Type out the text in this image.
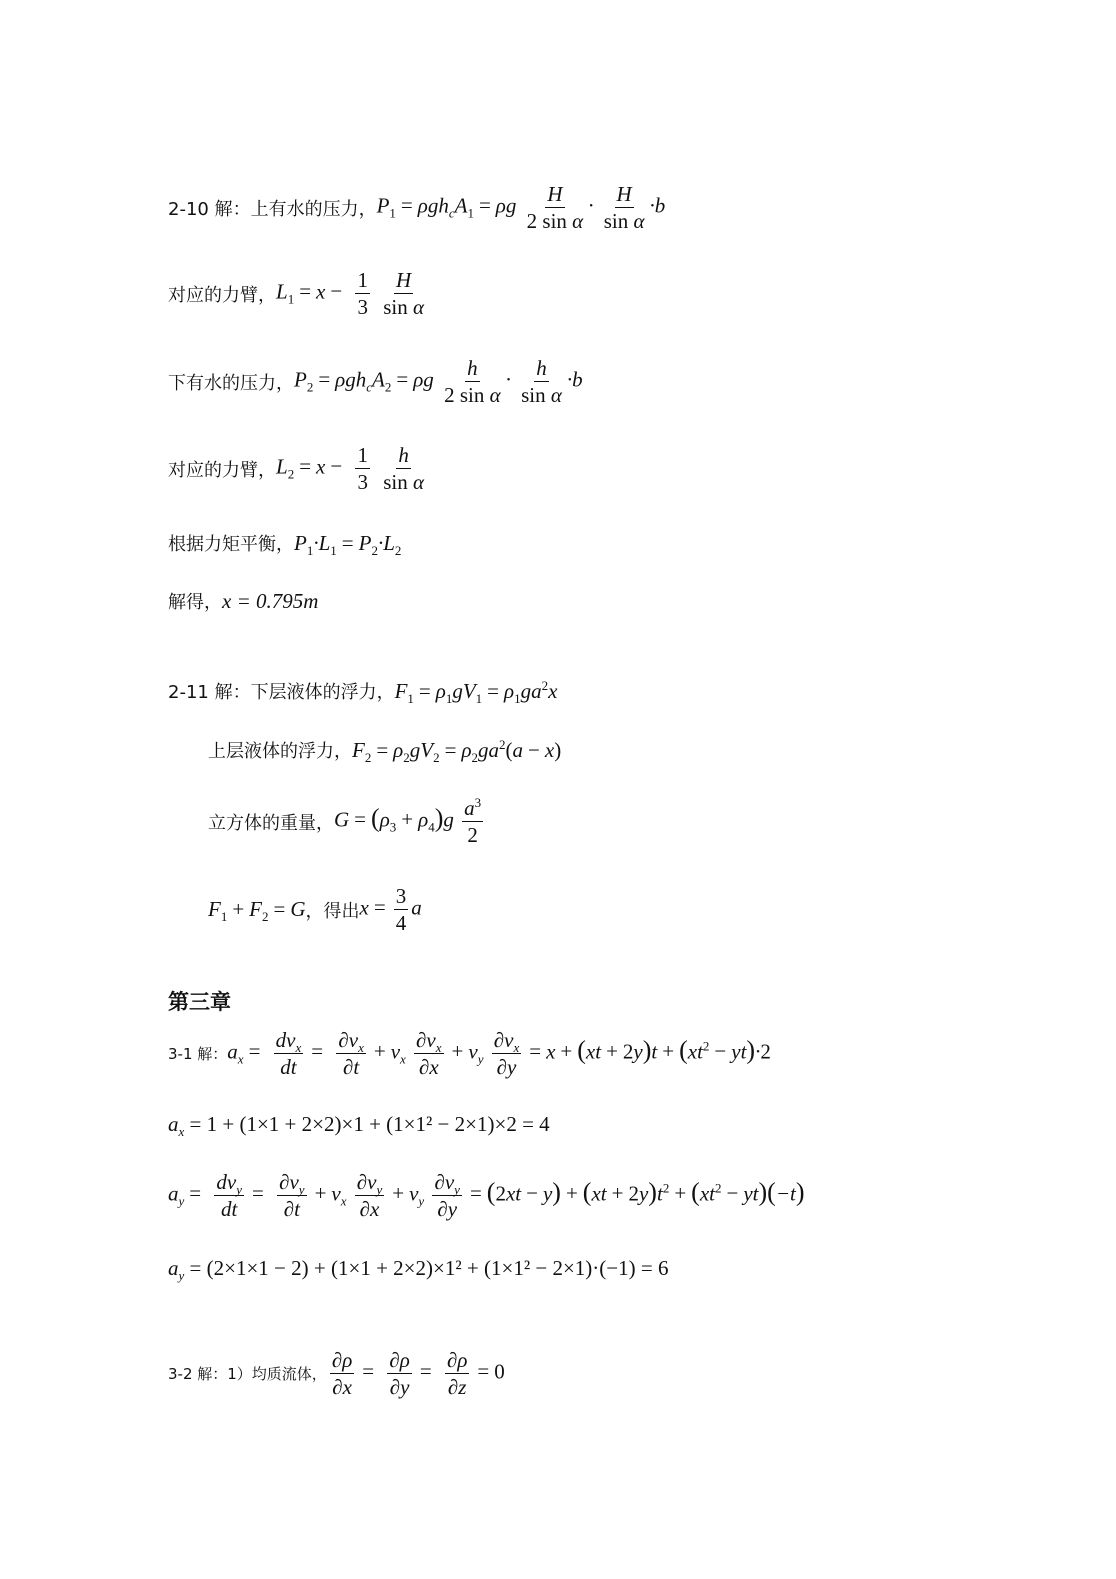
2-10 解： 上有水的压力， $P_1 = \rho gh_cA_1 = \rho g \frac{H}{\text{2 sin α}} \cdot \frac{H}{\text{sin α}} \cdot b$
对应的力臂， $L_1 = x - \frac{1}{3}$
$\frac{H}{\text{sin α}}$
下有水的压力， $P_2 = \rho gh_cA_2 = \rho g \frac{h}{\text{2 sin α}} \cdot \frac{h}{\text{sin α}} \cdot b$
对应的力臂， $L_2 = x - \frac{1}{3}$
$\frac{h}{\text{sin α}}$
根据力矩平衡， $P_1\cdot L_1 = P_2\cdot L_2$
解得， x = 0.795m
2-11 解： 下层液体的浮力， $F_1 = \rho_1gV_1 = \rho_1ga^2x$
上层液体的浮力， $F_2 = \rho_2gV_2 = \rho_2ga^2(a - x)$
立方体的重量， $G = (\rho_3 + \rho_4)g \frac{a^3}{2}$
$F_1 + F_2 = G$ ，得出 $x = \frac{3}{4}$ a
第三章
3-1 解： $a_x = \frac{dv_x}{dt} = \frac{\partial v_x}{\partial t} + v_x \frac{\partial v_x}{\partial x} + v_y \frac{\partial v_x}{\partial y} = x + (xt + 2y)t + (xt^2 - yt)\cdot 2$
$a_x = 1 + (1\times 1 + 2\times 2)\times 1 + (1\times 1^2 - 2\times 1)\times 2 = 4$
$a_y = \frac{dv_y}{dt} = \frac{\partial v_y}{\partial t} + v_x \frac{\partial v_y}{\partial x} + v_y \frac{\partial v_y}{\partial y} = (2xt - y) + (xt + 2y)t^2 + (xt^2 - yt)(-t)$
$a_y = (2\times 1\times 1 - 2) + (1\times 1 + 2\times 2)\times 1^2 + (1\times 1^2 - 2\times 1)\cdot(-1) = 6$
3-2 解：1）均质流体， $\frac{\partial\rho}{\partial x} = \frac{\partial\rho}{\partial y} = \frac{\partial\rho}{\partial z} = 0$
